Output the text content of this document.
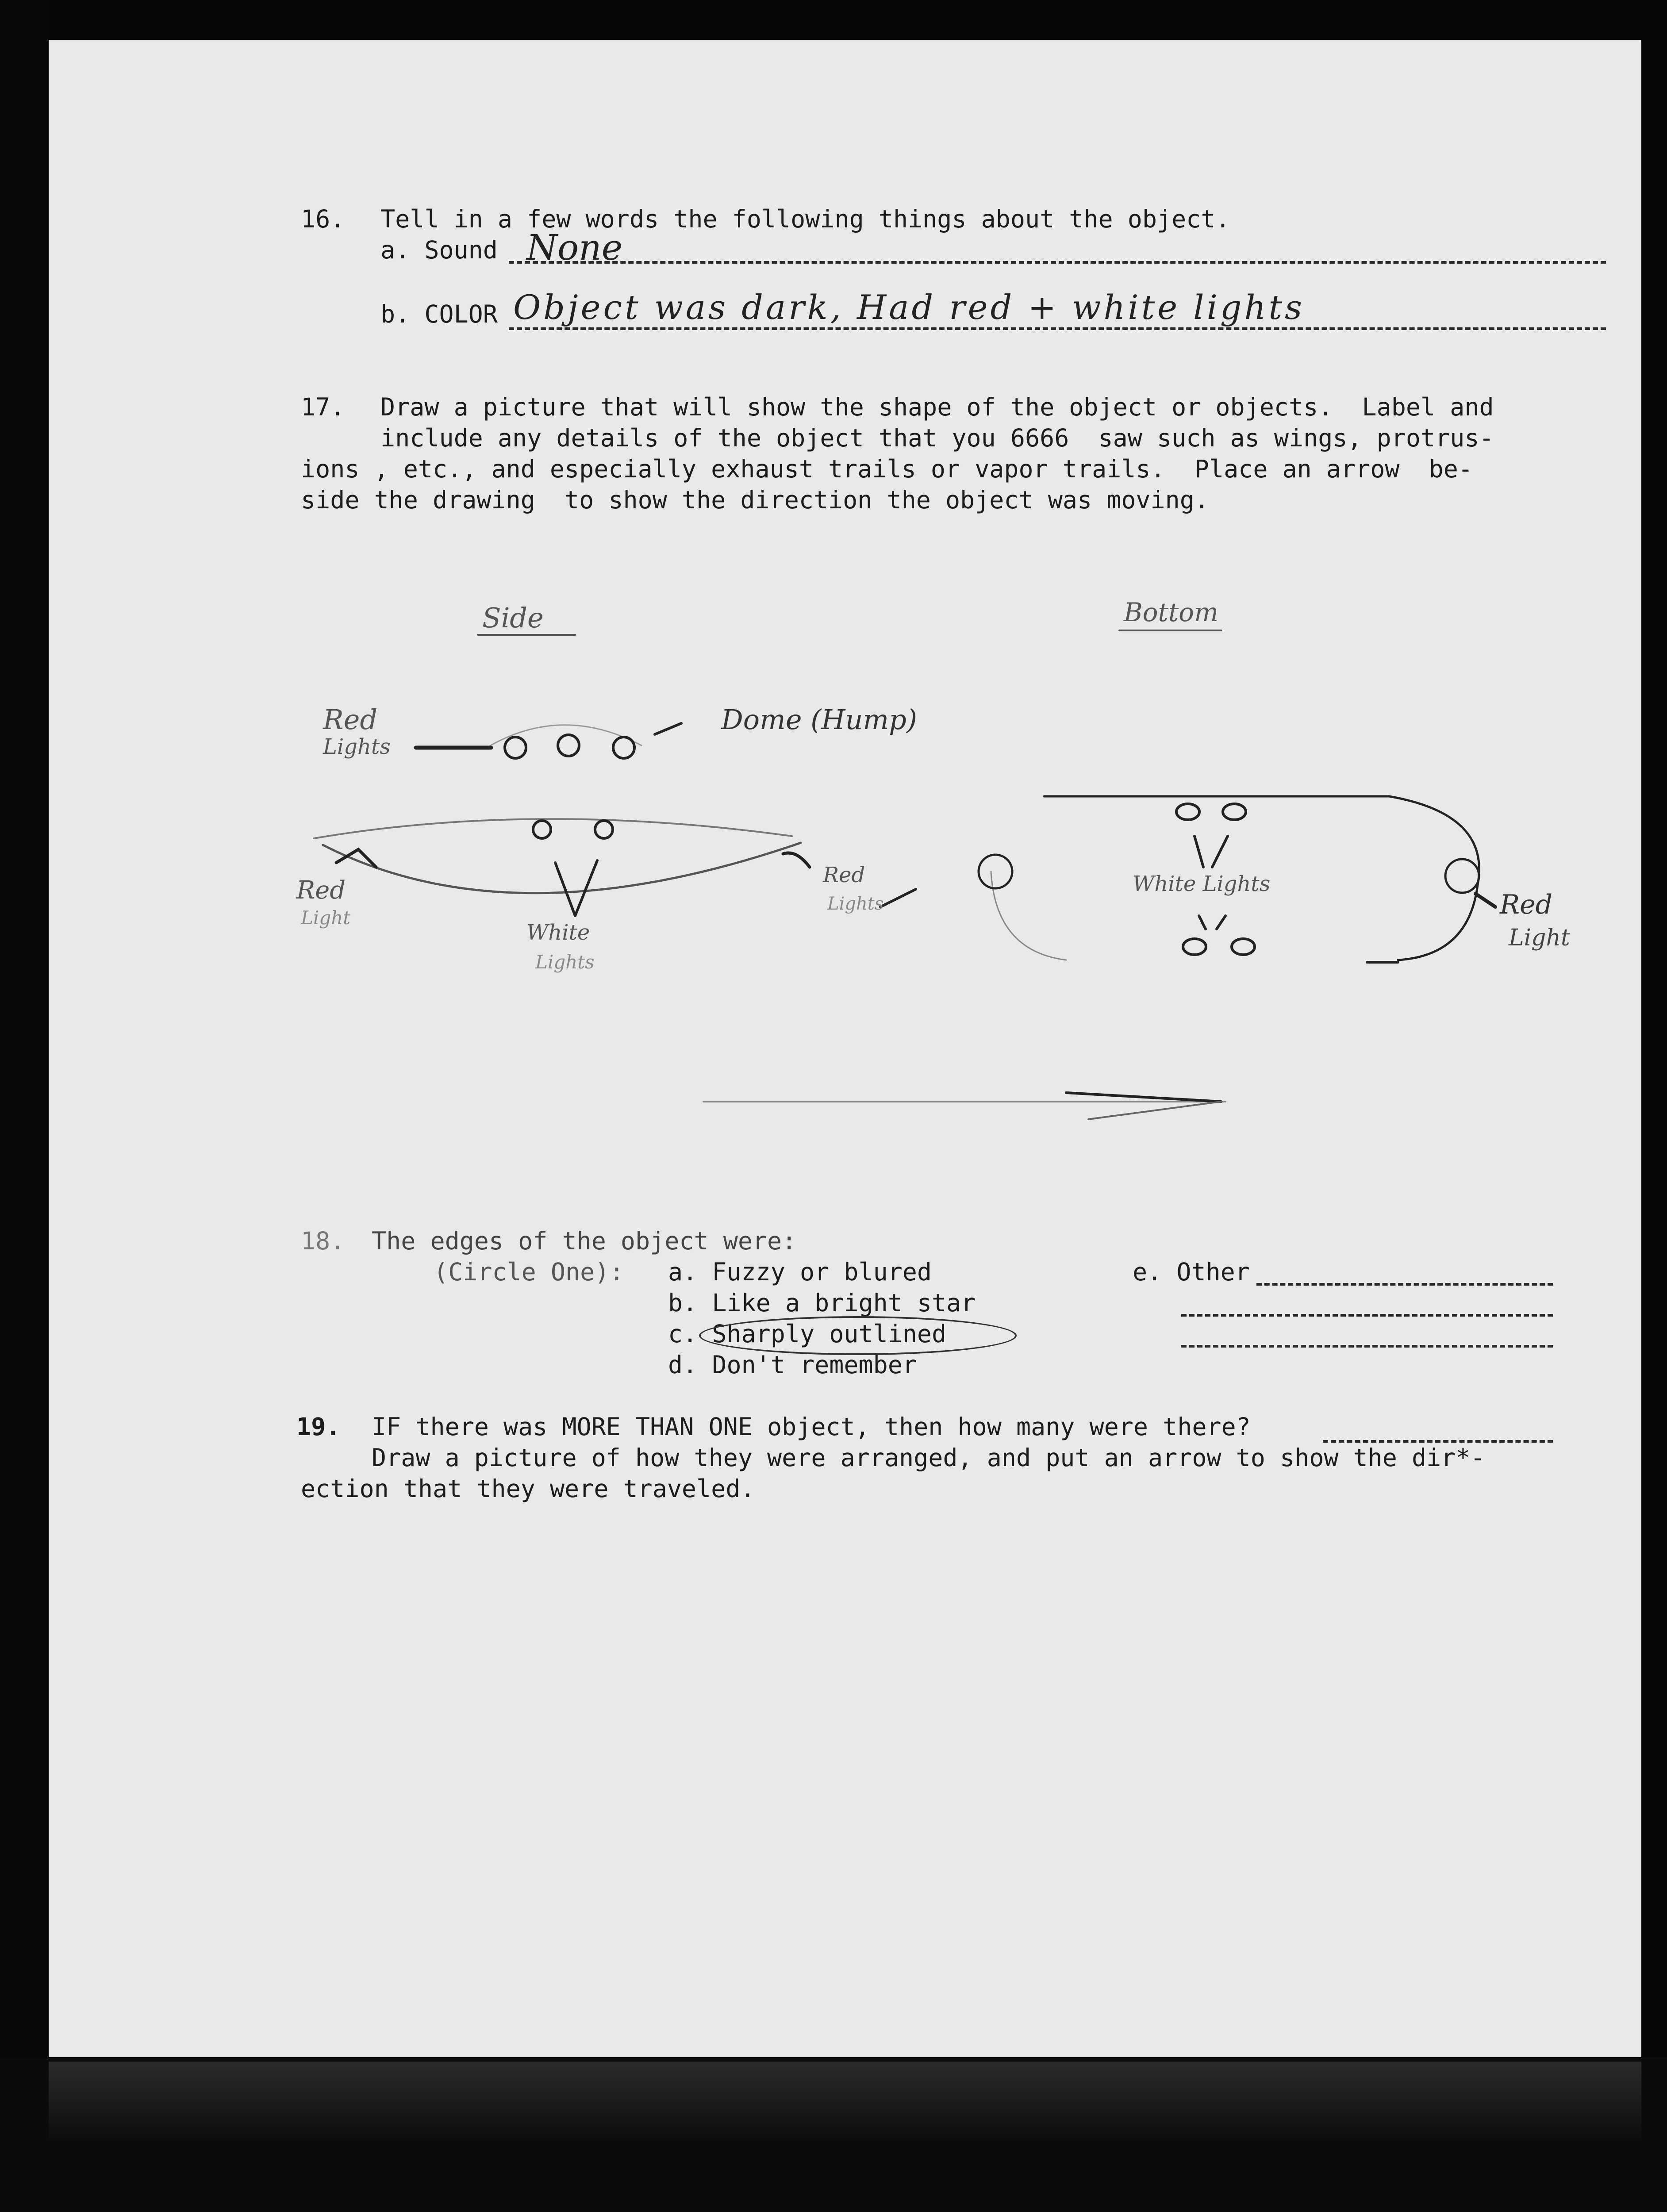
16. Tell in a few words the following things about the object.
a. Sound None
b. COLOR Object was dark, Had red + white lights
17. Draw a picture that will show the shape of the object or objects.  Label and
include any details of the object that you 6666  saw such as wings, protrus-
ions , etc., and especially exhaust trails or vapor trails.  Place an arrow  be-
side the drawing  to show the direction the object was moving.
Side	Bottom
Dome (Hump)
Red
Lights
Red
Light
White
Lights
Red
Lights
White Lights
Red
Light
18. The edges of the object were:
(Circle One): a. Fuzzy or blured
b. Like a bright star
c. Sharply outlined
d. Don't remember
e. Other
19. IF there was MORE THAN ONE object, then how many were there?
Draw a picture of how they were arranged, and put an arrow to show the dir*-
ection that they were traveled.
